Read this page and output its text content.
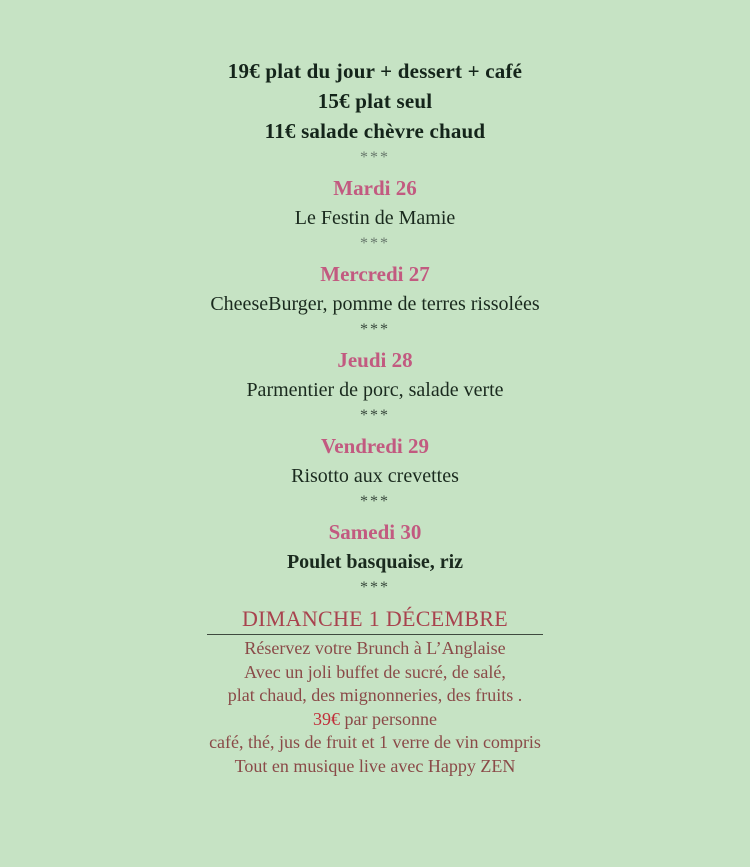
19€ plat du jour + dessert + café
15€ plat seul
11€ salade chèvre chaud
***
Mardi 26
Le Festin de Mamie
***
Mercredi 27
CheeseBurger, pomme de terres rissolées
***
Jeudi 28
Parmentier de porc, salade verte
***
Vendredi 29
Risotto aux crevettes
***
Samedi 30
Poulet basquaise, riz
***
DIMANCHE 1 DÉCEMBRE
Réservez votre Brunch à L’Anglaise
Avec un joli buffet de sucré, de salé,
plat chaud, des mignonneries, des fruits .
39€ par personne
café, thé, jus de fruit et 1 verre de vin compris
Tout en musique live avec Happy ZEN
